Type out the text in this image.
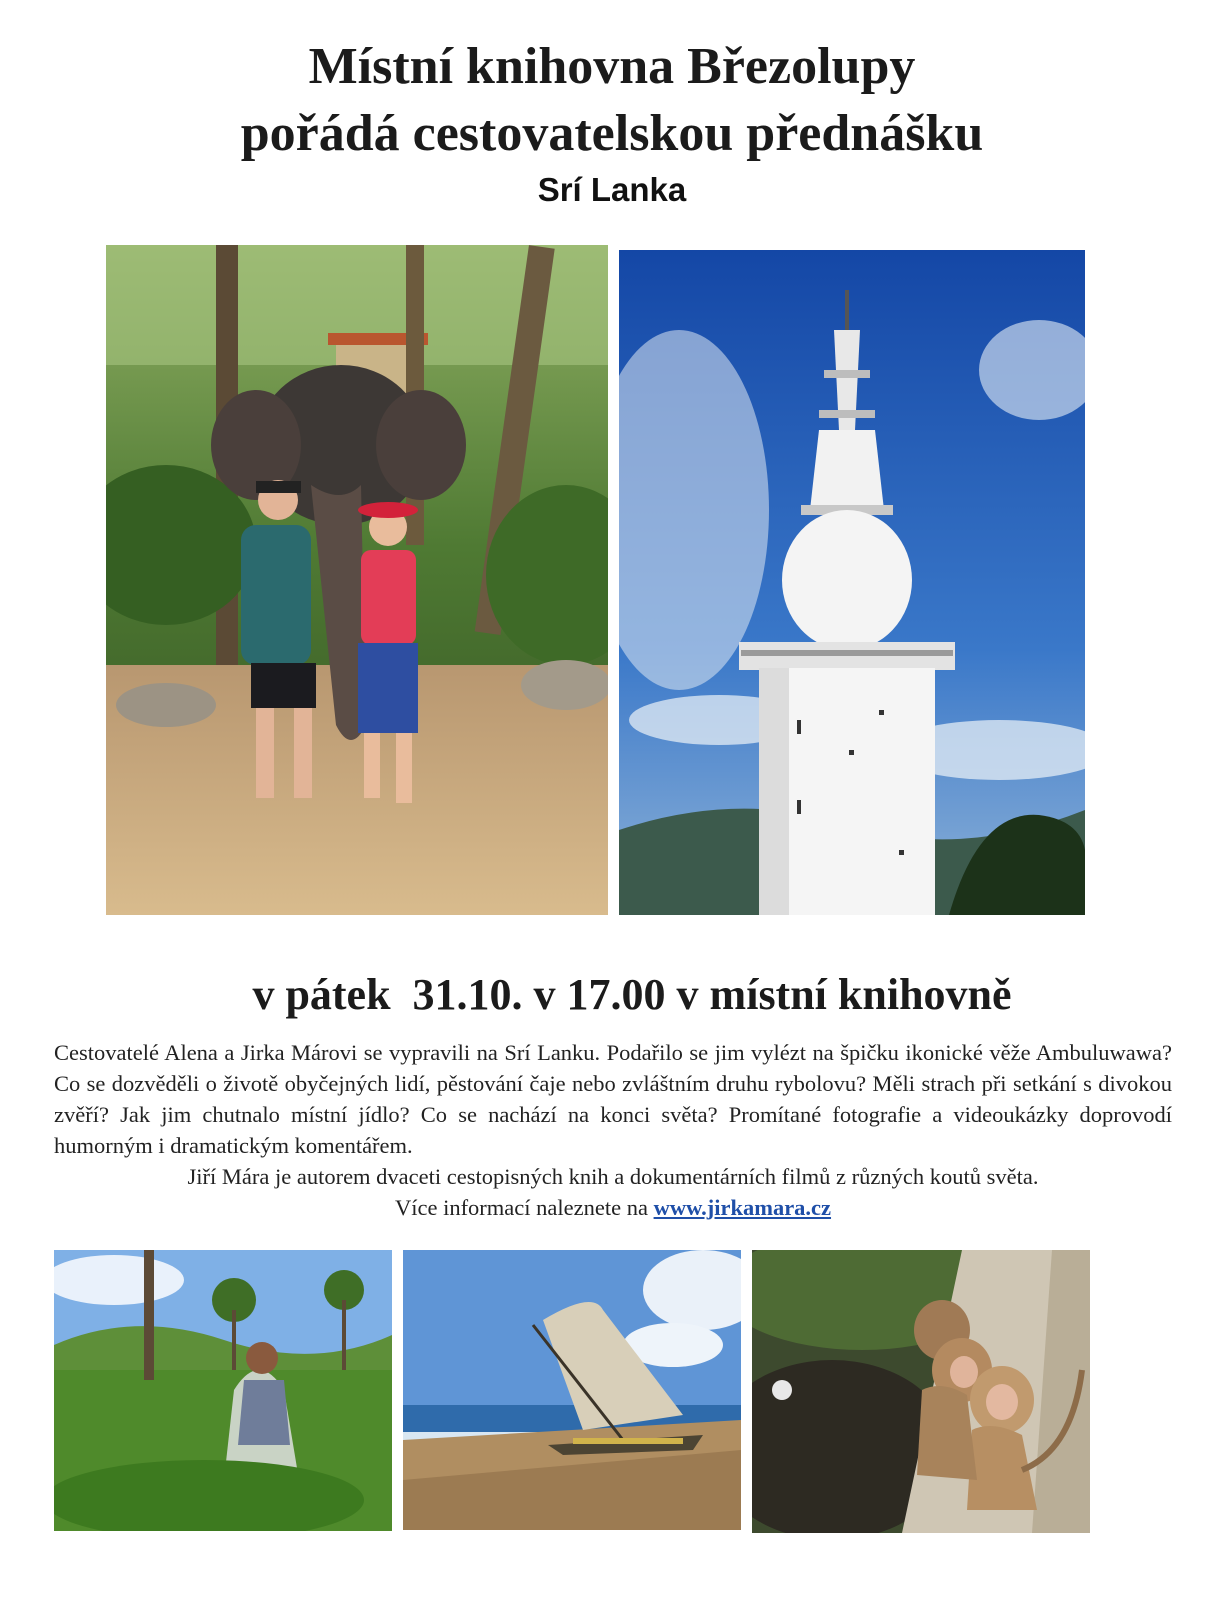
Místní knihovna Březolupy
pořádá cestovatelskou přednášku
Srí Lanka
v pátek  31.10. v 17.00 v místní knihovně

Cestovatelé Alena a Jirka Márovi se vypravili na Srí Lanku. Podařilo se jim vylézt na špičku ikonické věže Ambuluwawa? Co se dozvěděli o životě obyčejných lidí, pěstování čaje nebo zvláštním druhu rybolovu? Měli strach při setkání s divokou zvěří? Jak jim chutnalo místní jídlo? Co se nachází na konci světa? Promítané fotografie a videoukázky doprovodí humorným i dramatickým komentářem.

Jiří Mára je autorem dvaceti cestopisných knih a dokumentárních filmů z různých koutů světa.

Více informací naleznete na www.jirkamara.cz
